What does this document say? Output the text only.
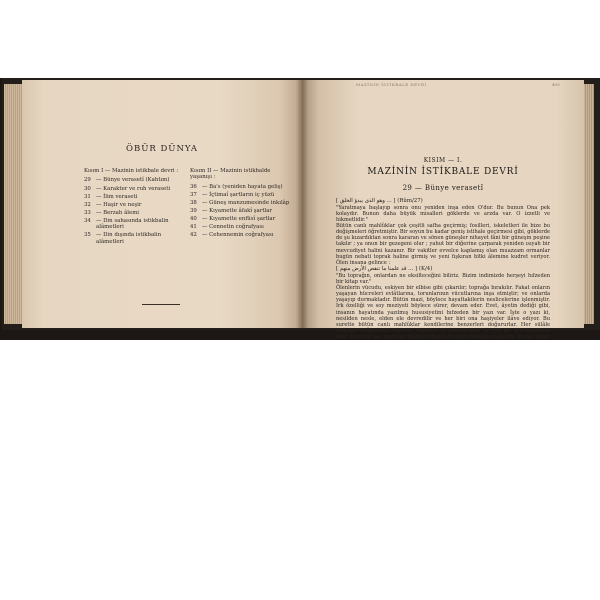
ÖBÜR DÜNYA
Kısım I — Mazinin istikbale devri :
29 — Bünye verasetî (Kahtım)
30 — Karakter ve ruh veraseti
31 — İlim veraseti
32 — Haşir ve neşir
33 — Berzah âlemi
34 — Din sahasında istikbalin alâmetleri
35 — Din dışında istikbalin alâmetleri
Kısım II — Mazinin istikbalde yaşanışı :
36 — Ba's (yeniden hayata geliş)
37 — İçtimaî şartların iç yüzü
38 — Güneş manzumesinde inkılâp
39 — Kıyamette âfakî şartlar
40 — Kıyamette enfüsî şartlar
41 — Cennetin coğrafyası
42 — Cehennemin coğrafyası
MAZİNİN İSTİKBALE DEVRİ	409
KISIM — I.
MAZİNİN İSTİKBALE DEVRİ
29 — Bünye verasetî

[ وهو الذى يبدؤ الخلق ... ] (Rûm/27)

"Yaratmaya başlayıp sonra onu yeniden inşa eden O'dur. Bu bunun Ona pek kolaydır. Bunun daha büyük misalleri göklerde ve arzda var. O izzetli ve hikmetlidir."

Bütün canlı mahlûklar çok çeşitli safha geçirmiş; fosilleri, iskeletleri ile bize bu değişmeleri öğretmiştir. Bir soyun bu kadar geniş istihale geçirmesi gibi, göklerde de şu kızardıktan sonra kararan ve sönen güneşler nihayet fâni bir güneşin peşine takılır ; ya onun bir gezegeni olur ; yahut bir diğerine çarparak yeniden ısıyah bir mevcudiyet halini kazanır. Bir vakitler evvelce kaplamış olan muazzam ormanlar bugün nebati toprak haline girmiş ve yeni fışkıran bitki âlemine kudret veriyor. Ölen insana gelince :

[ قد علمنا ما تنقص الأرض منهم ... ] (K/4)

"Bu toprağın, onlardan ne eksilteceğini biliriz. Bizim indimizde herşeyi hıfzeden bir kitap var."

Ölenlerin vücudu, eskiyen bir elbise gibi çıkarılır; toprağa bırakılır. Fakat onların yaşayan hücreleri evlâtlarına, torunlarının vücutlarına inşa etmiştir; ve onlarda yaşayıp durmaktadır. Bütün mazi, böylece hayattakilerin neslicelerine işlenmiştir. Irk özelliği ve soy meziyeti böylece sürer, devam eder. Evet, âyetin dediği gibi, insanın hayatında yazılmış hususiyetini hıfzeden bir yazı var. İşte o yazı ki, nesilden nesle, elden ele devredilir ve her biri ona haşiyeler ilâve ediyor. Bu surette bütün canlı mahlûklar kendilerine benzerleri doğururlar. Her sülâle zamanla değişmekle beraber, mahiyet ve asliyetinden az çok bir şey muhafaza eder. Kıvırcık saç, parmak eklemelerinden birinin eksikliği neslicede hususi gelen
